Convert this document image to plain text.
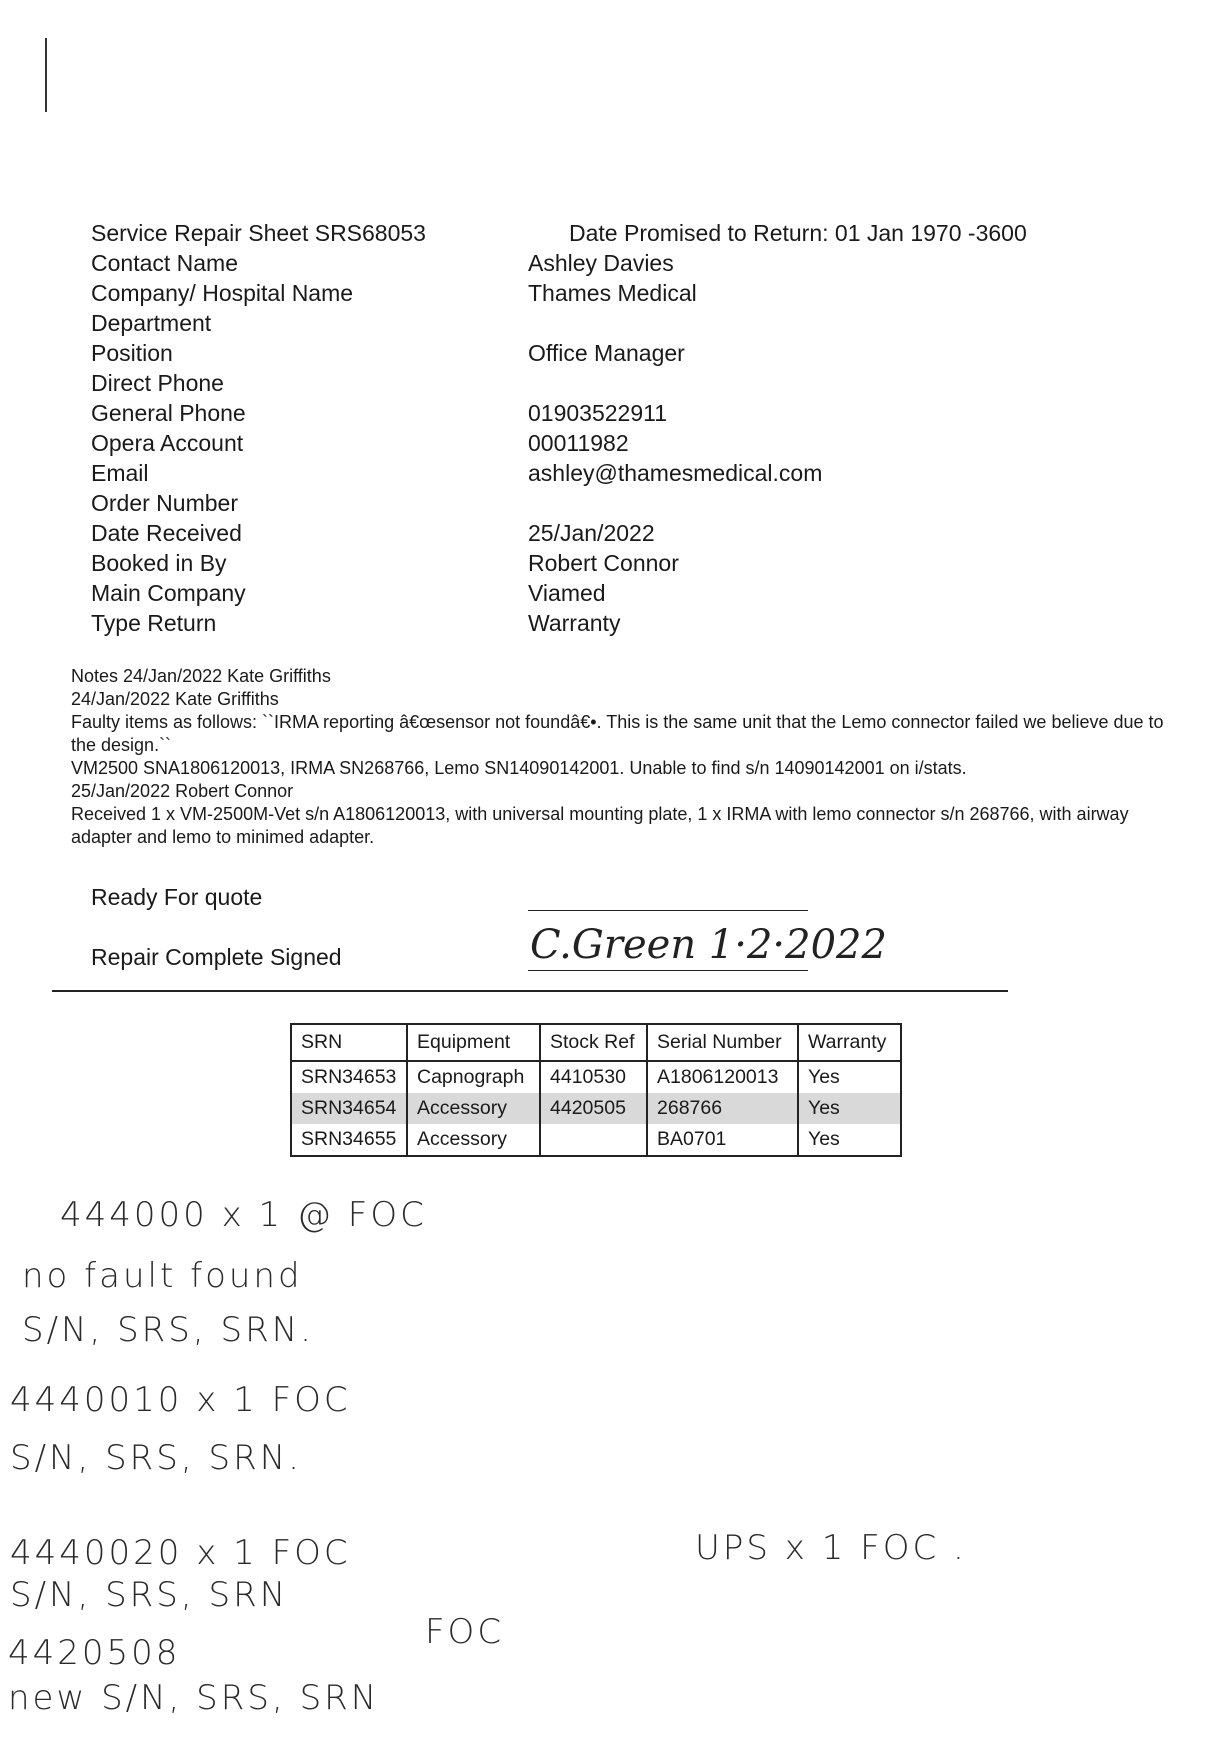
Service Repair Sheet SRS68053	Date Promised to Return: 01 Jan 1970 -3600
Contact Name	Ashley Davies
Company/ Hospital Name	Thames Medical
Department
Position	Office Manager
Direct Phone
General Phone	01903522911
Opera Account	00011982
Email	ashley@thamesmedical.com
Order Number
Date Received	25/Jan/2022
Booked in By	Robert Connor
Main Company	Viamed
Type Return	Warranty
Notes 24/Jan/2022 Kate Griffiths
24/Jan/2022 Kate Griffiths
Faulty items as follows: ``IRMA reporting â€œsensor not foundâ€•. This is the same unit that the Lemo connector failed we believe due to the design.``
VM2500 SNA1806120013, IRMA SN268766, Lemo SN14090142001. Unable to find s/n 14090142001 on i/stats.
25/Jan/2022 Robert Connor
Received 1 x VM-2500M-Vet s/n A1806120013, with universal mounting plate, 1 x IRMA with lemo connector s/n 268766, with airway adapter and lemo to minimed adapter.
Ready For quote
Repair Complete Signed	C.Green 1·2·2022
SRN	Equipment	Stock Ref	Serial Number	Warranty
SRN34653	Capnograph	4410530	A1806120013	Yes
SRN34654	Accessory	4420505	268766	Yes
SRN34655	Accessory		BA0701	Yes
444000 x 1 @ FOC
no fault found
S/N, SRS, SRN.
4440010 x 1 FOC
S/N, SRS, SRN.
4440020 x 1 FOC
S/N, SRS, SRN
4420508
FOC
new S/N, SRS, SRN
UPS x 1 FOC .
